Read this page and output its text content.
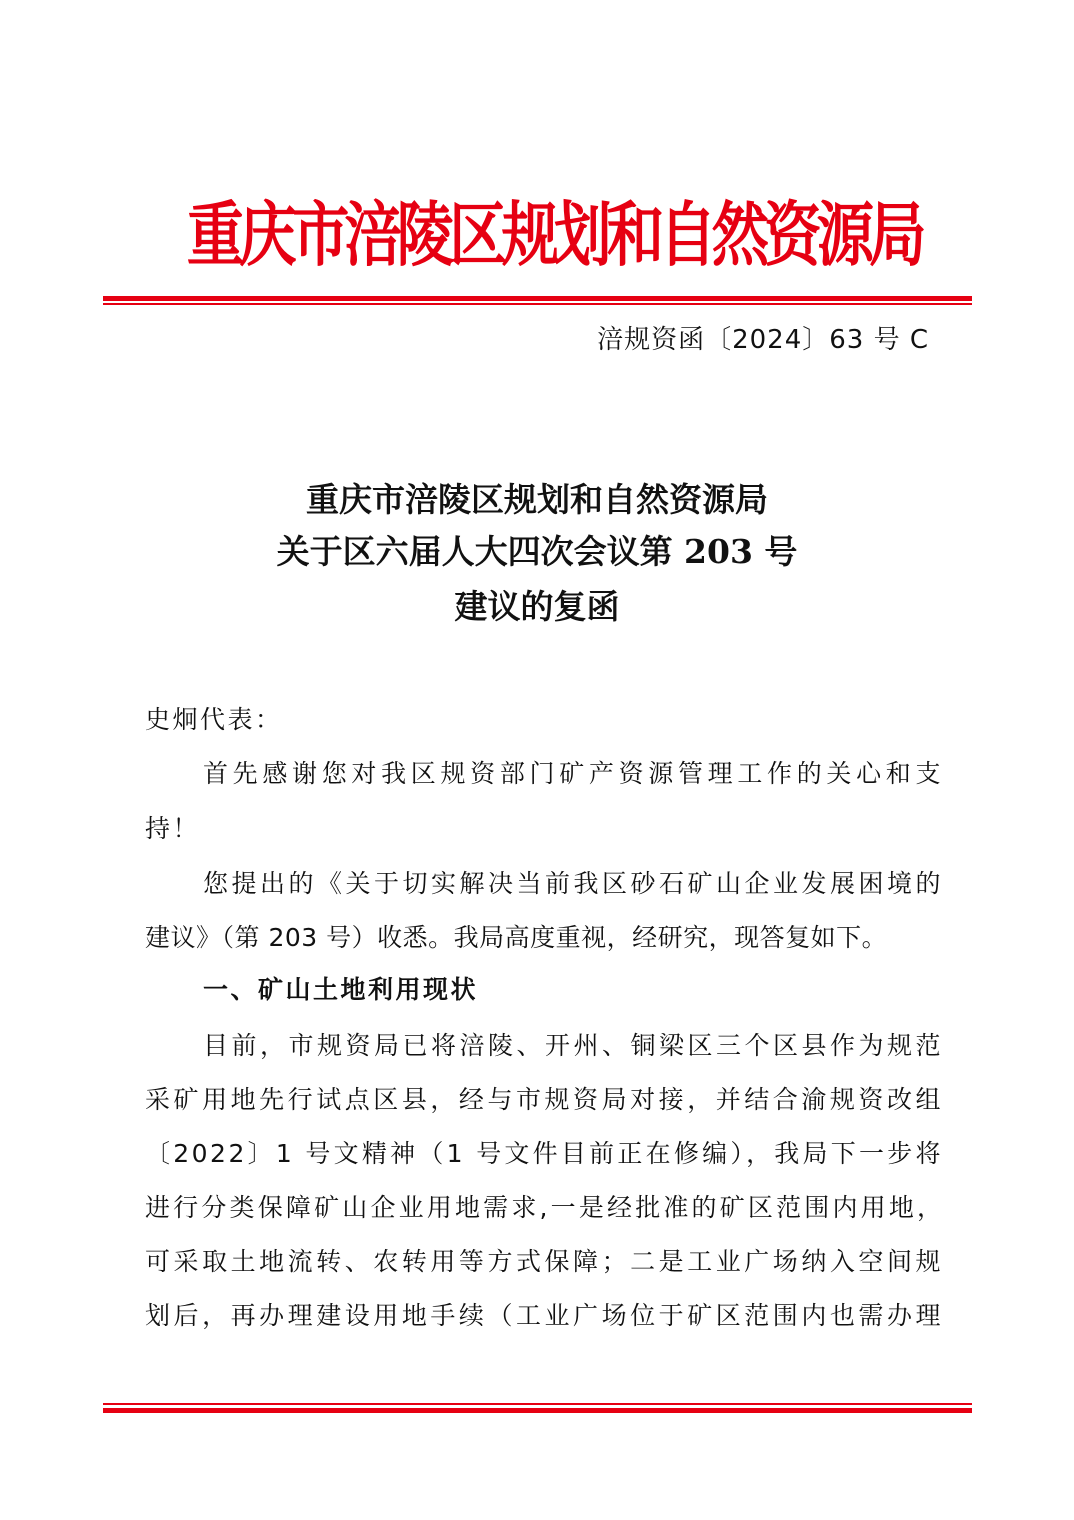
重庆市涪陵区规划和自然资源局
涪规资函〔2024〕63 号 C
重庆市涪陵区规划和自然资源局
关于区六届人大四次会议第 203 号
建议的复函
史炯代表：
首先感谢您对我区规资部门矿产资源管理工作的关心和支
持！
您提出的《关于切实解决当前我区砂石矿山企业发展困境的
建议》（第 203 号）收悉。我局高度重视，经研究，现答复如下。
一、矿山土地利用现状
目前，市规资局已将涪陵、开州、铜梁区三个区县作为规范
采矿用地先行试点区县，经与市规资局对接，并结合渝规资改组
〔2022〕1 号文精神（1 号文件目前正在修编），我局下一步将
进行分类保障矿山企业用地需求,一是经批准的矿区范围内用地，
可采取土地流转、农转用等方式保障；二是工业广场纳入空间规
划后，再办理建设用地手续（工业广场位于矿区范围内也需办理
